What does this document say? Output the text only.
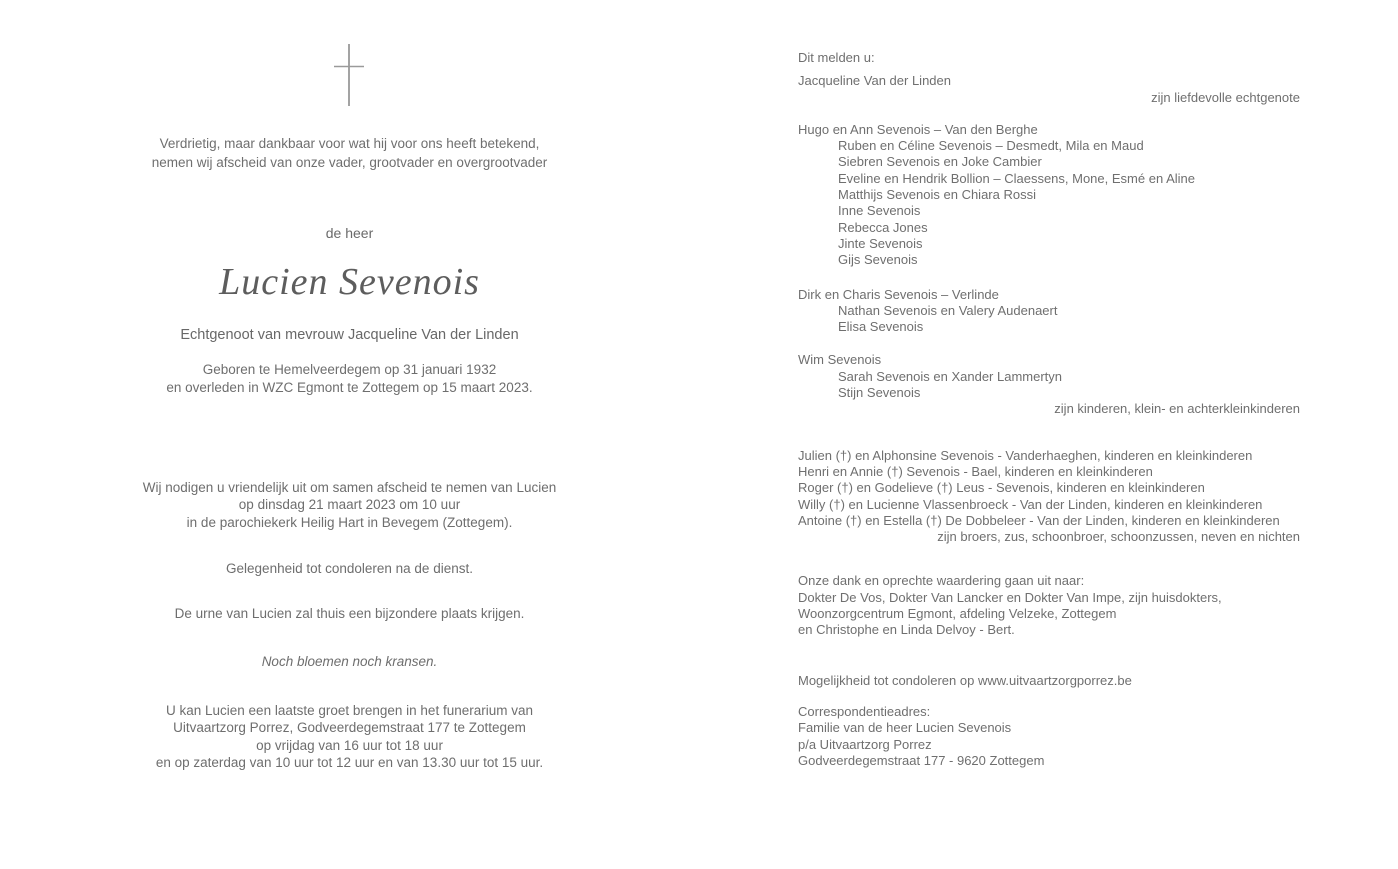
Verdrietig, maar dankbaar voor wat hij voor ons heeft betekend,
nemen wij afscheid van onze vader, grootvader en overgrootvader
de heer
Lucien Sevenois
Echtgenoot van mevrouw Jacqueline Van der Linden
Geboren te Hemelveerdegem op 31 januari 1932
en overleden in WZC Egmont te Zottegem op 15 maart 2023.
Wij nodigen u vriendelijk uit om samen afscheid te nemen van Lucien
op dinsdag 21 maart 2023 om 10 uur
in de parochiekerk Heilig Hart in Bevegem (Zottegem).
Gelegenheid tot condoleren na de dienst.
De urne van Lucien zal thuis een bijzondere plaats krijgen.
Noch bloemen noch kransen.
U kan Lucien een laatste groet brengen in het funerarium van
Uitvaartzorg Porrez, Godveerdegemstraat 177 te Zottegem
op vrijdag van 16 uur tot 18 uur
en op zaterdag van 10 uur tot 12 uur en van 13.30 uur tot 15 uur.
Dit melden u:
Jacqueline Van der Linden
zijn liefdevolle echtgenote
Hugo en Ann Sevenois – Van den Berghe
Ruben en Céline Sevenois – Desmedt, Mila en Maud
Siebren Sevenois en Joke Cambier
Eveline en Hendrik Bollion – Claessens, Mone, Esmé en Aline
Matthijs Sevenois en Chiara Rossi
Inne Sevenois
Rebecca Jones
Jinte Sevenois
Gijs Sevenois
Dirk en Charis Sevenois – Verlinde
Nathan Sevenois en Valery Audenaert
Elisa Sevenois
Wim Sevenois
Sarah Sevenois en Xander Lammertyn
Stijn Sevenois
zijn kinderen, klein- en achterkleinkinderen
Julien (†) en Alphonsine Sevenois - Vanderhaeghen, kinderen en kleinkinderen
Henri en Annie (†) Sevenois - Bael, kinderen en kleinkinderen
Roger (†) en Godelieve (†) Leus - Sevenois, kinderen en kleinkinderen
Willy (†) en Lucienne Vlassenbroeck - Van der Linden, kinderen en kleinkinderen
Antoine (†) en Estella (†) De Dobbeleer - Van der Linden, kinderen en kleinkinderen
zijn broers, zus, schoonbroer, schoonzussen, neven en nichten
Onze dank en oprechte waardering gaan uit naar:
Dokter De Vos, Dokter Van Lancker en Dokter Van Impe, zijn huisdokters,
Woonzorgcentrum Egmont, afdeling Velzeke, Zottegem
en Christophe en Linda Delvoy - Bert.
Mogelijkheid tot condoleren op www.uitvaartzorgporrez.be
Correspondentieadres:
Familie van de heer Lucien Sevenois
p/a Uitvaartzorg Porrez
Godveerdegemstraat 177 - 9620 Zottegem
